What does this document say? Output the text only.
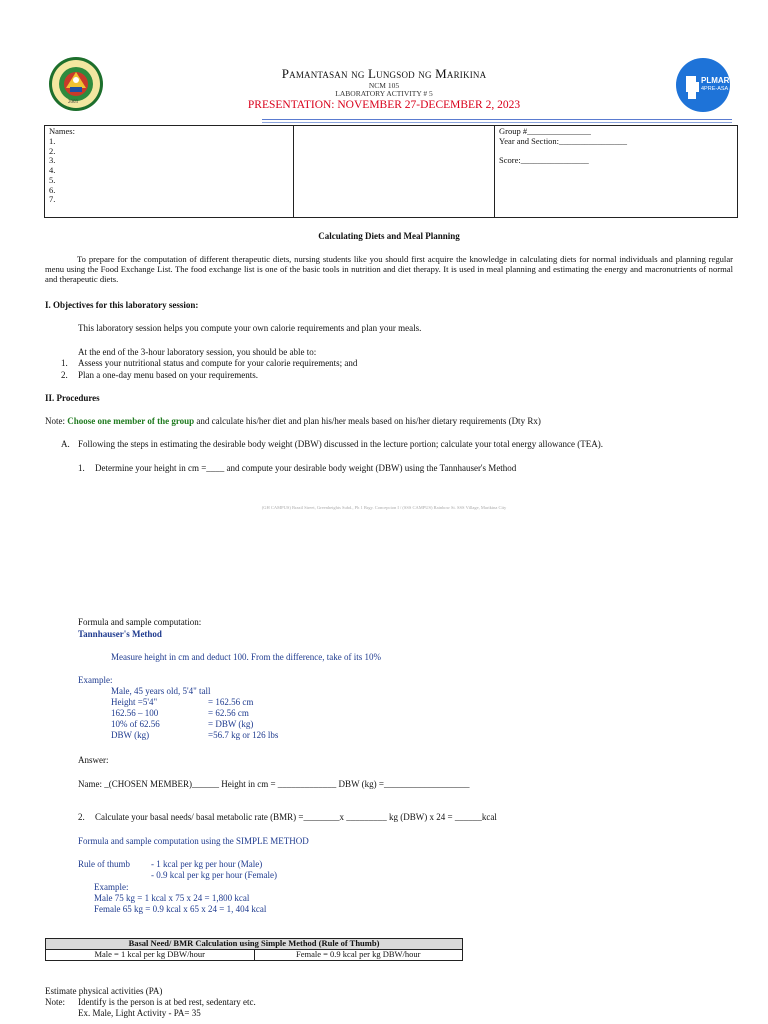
2003
PLMAR
4PRE-ASA
Pamantasan ng Lungsod ng Marikina
NCM 105
LABORATORY ACTIVITY # 5
PRESENTATION: NOVEMBER 27-DECEMBER 2, 2023
Names:
1.
2.
3.
4.
5.
6.
7.

Group #_______________
Year and Section:________________
Score:________________
Calculating Diets and Meal Planning
To prepare for the computation of different therapeutic diets, nursing students like you should first acquire the knowledge in calculating diets for normal individuals and planning regular menu using the Food Exchange List. The food exchange list is one of the basic tools in nutrition and diet therapy. It is used in meal planning and estimating the energy and macronutrients of normal and therapeutic diets.
I. Objectives for this laboratory session:
This laboratory session helps you compute your own calorie requirements and plan your meals.
At the end of the 3-hour laboratory session, you should be able to:
1. Assess your nutritional status and compute for your calorie requirements; and
2. Plan a one-day menu based on your requirements.
II. Procedures
Note: Choose one member of the group and calculate his/her diet and plan his/her meals based on his/her dietary requirements (Dty Rx)
A. Following the steps in estimating the desirable body weight (DBW) discussed in the lecture portion; calculate your total energy allowance (TEA).
1. Determine your height in cm =____ and compute your desirable body weight (DBW) using the Tannhauser's Method
(GH CAMPUS) Brazil Street, Greenheights Subd., Ph 1 Brgy. Concepcion I / (SSS CAMPUS) Rainbow St. SSS Village, Marikina City
Formula and sample computation:
Tannhauser's Method
Measure height in cm and deduct 100. From the difference, take of its 10%
Example:
Male, 45 years old, 5'4" tall
Height =5'4"	= 162.56 cm
162.56 – 100	= 62.56 cm
10% of 62.56	= DBW (kg)
DBW (kg)	=56.7 kg or 126 lbs
Answer:
Name: _(CHOSEN MEMBER)______ Height in cm = _____________ DBW (kg) =___________________
2. Calculate your basal needs/ basal metabolic rate (BMR) =________x _________ kg (DBW) x 24 = ______kcal
Formula and sample computation using the SIMPLE METHOD
Rule of thumb - 1 kcal per kg per hour (Male)
- 0.9 kcal per kg per hour (Female)
Example:
Male 75 kg = 1 kcal x 75 x 24 = 1,800 kcal
Female 65 kg = 0.9 kcal x 65 x 24 = 1, 404 kcal
Basal Need/ BMR Calculation using Simple Method (Rule of Thumb)
Male = 1 kcal per kg DBW/hour	Female = 0.9 kcal per kg DBW/hour
Estimate physical activities (PA)
Note: Identify is the person is at bed rest, sedentary etc.
Ex. Male, Light Activity - PA= 35
